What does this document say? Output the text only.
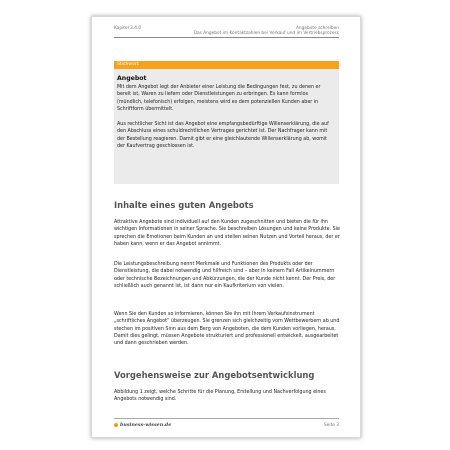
Kapitel 3.4.0	Angebote schreiben
Das Angebot im Kontaktzahlen bei Verkauf und im Vertriebsprozess
Stichwort
Angebot
Mit dem Angebot legt der Anbieter einer Leistung die Bedingungen fest, zu denen er bereit ist, Waren zu liefern oder Dienstleistungen zu erbringen. Es kann formlos (mündlich, telefonisch) erfolgen, meistens wird es dem potenziellen Kunden aber in Schriftform übermittelt.
Aus rechtlicher Sicht ist das Angebot eine empfangsbedürftige Willenserklärung, die auf den Abschluss eines schuldrechtlichen Vertrages gerichtet ist. Der Nachfrager kann mit der Bestellung reagieren. Damit gibt er eine gleichlautende Willenserklärung ab, womit der Kaufvertrag geschlossen ist.
Inhalte eines guten Angebots
Attraktive Angebote sind individuell auf den Kunden zugeschnitten und bieten die für ihn wichtigen Informationen in seiner Sprache. Sie beschreiben Lösungen und keine Produkte. Sie sprechen die Emotionen beim Kunden an und stellen seinen Nutzen und Vorteil heraus, der er haben kann, wenn er das Angebot annimmt.
Die Leistungsbeschreibung nennt Merkmale und Funktionen des Produkts oder der Dienstleistung, die dabei notwendig und hilfreich sind – aber in keinem Fall Artikelnummern oder technische Bezeichnungen und Abkürzungen, die der Kunde nicht kennt. Der Preis, der schließlich auch genannt ist, ist dann nur ein Kaufkriterium von vielen.
Wenn Sie den Kunden so informieren, können Sie ihn mit Ihrem Verkaufsinstrument „schriftliches Angebot“ überzeugen. Sie grenzen sich gleichzeitig vom Wettbewerbern ab und stechen im positiven Sinn aus dem Berg von Angeboten, die dem Kunden vorliegen, heraus. Damit dies gelingt, müssen Angebote strukturiert und professionell entwickelt, ausgearbeitet und dann geschrieben werden.
Vorgehensweise zur Angebotsentwicklung
Abbildung 1 zeigt, welche Schritte für die Planung, Erstellung und Nachverfolgung eines Angebots notwendig sind.
business-wissen.de	Seite 3
